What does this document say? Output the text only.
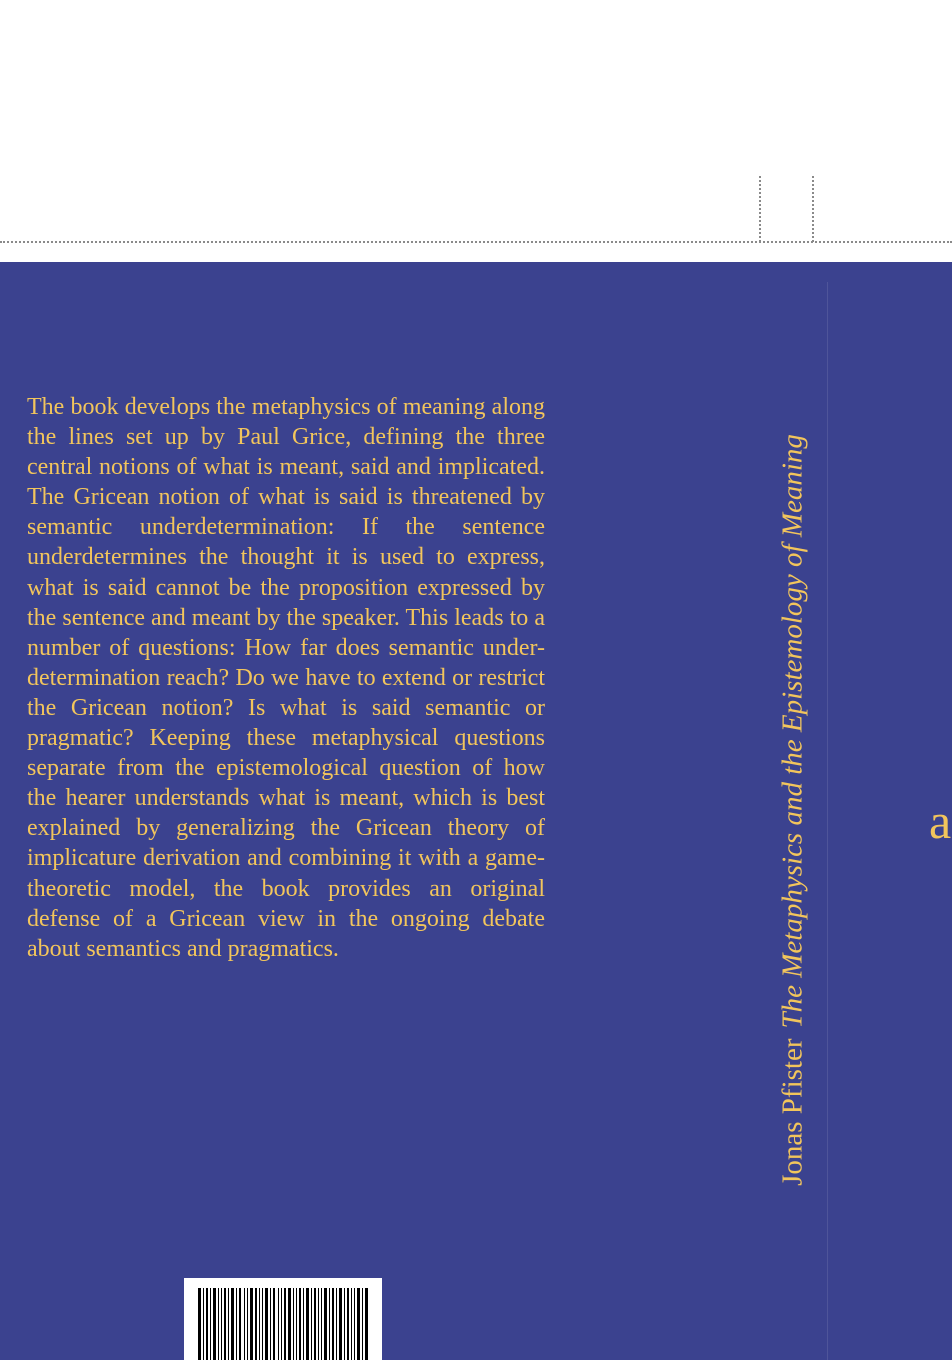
The book develops the metaphysics of meaning along the lines set up by Paul Grice, defining the three central notions of what is meant, said and implicated. The Gricean notion of what is said is threatened by semantic underdetermination: If the sentence underdetermines the thought it is used to express, what is said cannot be the proposition expressed by the sentence and meant by the speaker. This leads to a number of questions: How far does semantic under-determination reach? Do we have to extend or restrict the Gricean notion? Is what is said semantic or pragmatic? Keeping these metaphysical questions separate from the epistemological question of how the hearer understands what is meant, which is best explained by generalizing the Gricean theory of implicature derivation and combining it with a game-theoretic model, the book provides an original defense of a Gricean view in the ongoing debate about semantics and pragmatics.

Jonas PfisterThe Metaphysics and the Epistemology of Meaning a
